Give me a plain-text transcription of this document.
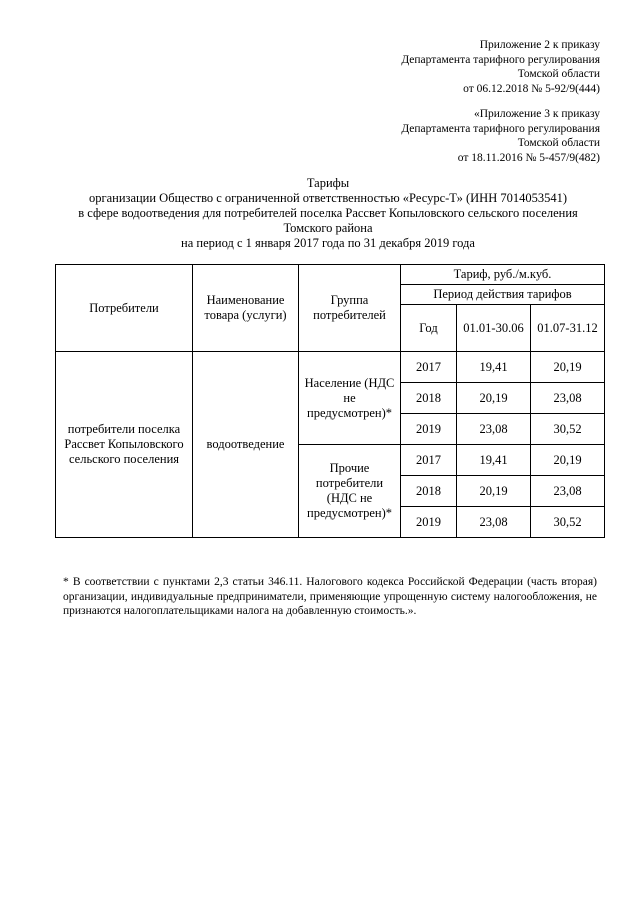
Приложение 2 к приказу
Департамента тарифного регулирования
Томской области
от 06.12.2018 № 5-92/9(444)
«Приложение 3 к приказу
Департамента тарифного регулирования
Томской области
от 18.11.2016 № 5-457/9(482)
Тарифы
организации Общество с ограниченной ответственностью «Ресурс-Т» (ИНН 7014053541)
в сфере водоотведения для потребителей поселка Рассвет Копыловского сельского поселения
Томского района
на период с 1 января 2017 года по 31 декабря 2019 года
Потребители	Наименование товара (услуги)	Группа потребителей	Тариф, руб./м.куб.		
			Период действия тарифов		
			Год	01.01-30.06	01.07-31.12
потребители поселка Рассвет Копыловского сельского поселения	водоотведение	Население (НДС не предусмотрен)*	2017	19,41	20,19
			2018	20,19	23,08
			2019	23,08	30,52
		Прочие потребители (НДС не предусмотрен)*	2017	19,41	20,19
			2018	20,19	23,08
			2019	23,08	30,52
* В соответствии с пунктами 2,3 статьи 346.11. Налогового кодекса Российской Федерации (часть вторая) организации, индивидуальные предприниматели, применяющие упрощенную систему налогообложения, не признаются налогоплательщиками налога на добавленную стоимость.».
